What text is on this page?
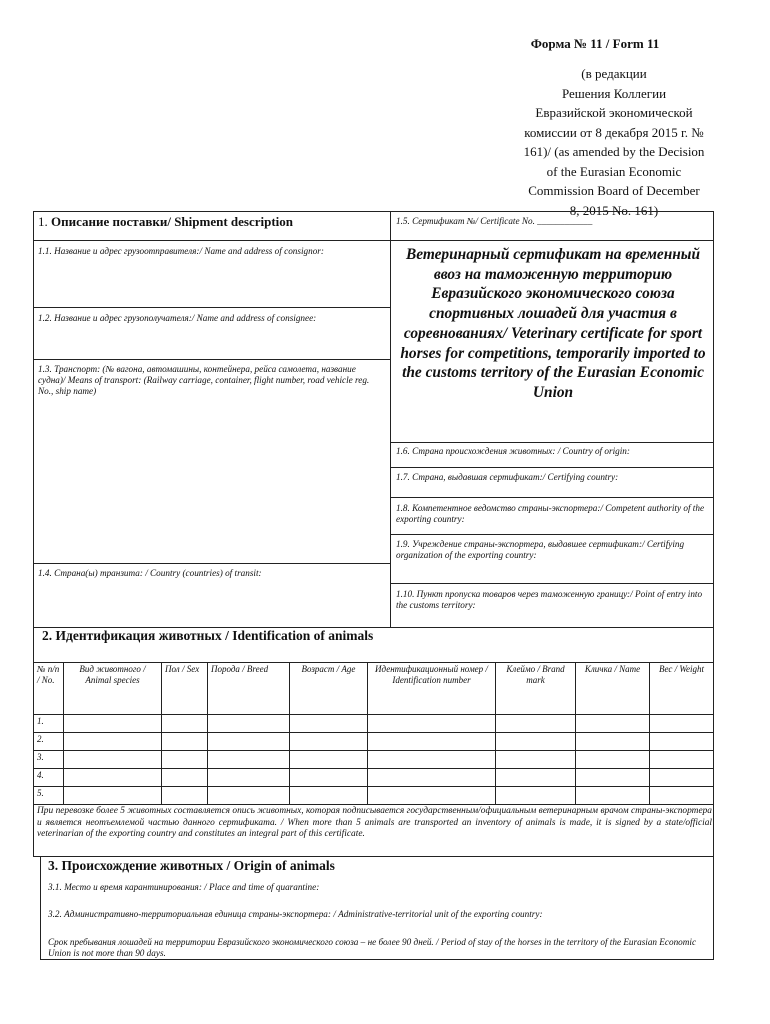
Форма № 11 / Form 11
(в редакции
Решения Коллегии
Евразийской экономической
комиссии от 8 декабря 2015 г. №
161)/ (as amended by the Decision
of the Eurasian Economic
Commission Board of December
8, 2015 No. 161)
1. Описание поставки/ Shipment description
1.1. Название и адрес грузоотправителя:/ Name and address of consignor:
1.2. Название и адрес грузополучателя:/ Name and address of consignee:
1.3. Транспорт: (№ вагона, автомашины, контейнера, рейса самолета, название судна)/ Means of transport: (Railway carriage, container, flight number, road vehicle reg. No., ship name)
1.4. Страна(ы) транзита: / Country (countries) of transit:
1.5. Сертификат №/ Certificate No. ____________
Ветеринарный сертификат на временный ввоз на таможенную территорию Евразийского экономического союза спортивных лошадей для участия в соревнованиях/ Veterinary certificate for sport horses for competitions, temporarily imported to the customs territory of the Eurasian Economic Union
1.6. Страна происхождения животных: / Country of origin:
1.7. Страна, выдавшая сертификат:/ Certifying country:
1.8. Компетентное ведомство страны-экспортера:/ Competent authority of the exporting country:
1.9. Учреждение страны-экспортера, выдавшее сертификат:/ Certifying organization of the exporting country:
1.10. Пункт пропуска товаров через таможенную границу:/ Point of entry into the customs territory:
2. Идентификация животных / Identification of animals
№ п/п / No.	Вид животного / Animal species	Пол / Sex	Порода / Breed	Возраст / Age	Идентификационный номер / Identification number	Клеймо / Brand mark	Кличка / Name	Вес / Weight
1.								
2.								
3.								
4.								
5.								
При перевозке более 5 животных составляется опись животных, которая подписывается государственным/официальным ветеринарным врачом страны-экспортера и является неотъемлемой частью данного сертификата. / When more than 5 animals are transported an inventory of animals is made, it is signed by a state/official veterinarian of the exporting country and constitutes an integral part of this certificate.
3. Происхождение животных / Origin of animals
3.1. Место и время карантинирования: / Place and time of quarantine:
3.2. Административно-территориальная единица страны-экспортера: / Administrative-territorial unit of the exporting country:
Срок пребывания лошадей на территории Евразийского экономического союза – не более 90 дней. / Period of stay of the horses in the territory of the Eurasian Economic Union is not more than 90 days.
